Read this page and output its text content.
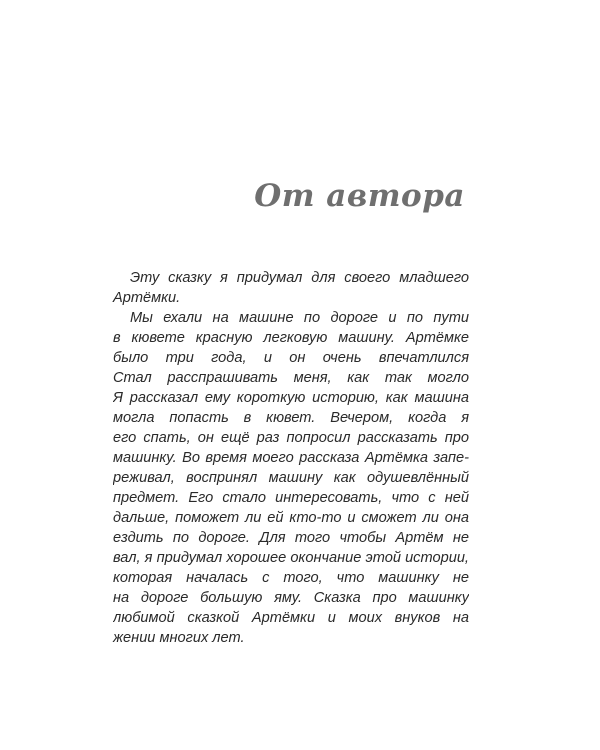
От автора

Эту сказку я придумал для своего младшего
Артёмки.

Мы ехали на машине по дороге и по пути
в кювете красную легковую машину. Артёмке
было три года, и он очень впечатлился
Стал расспрашивать меня, как так могло
Я рассказал ему короткую историю, как машина
могла попасть в кювет. Вечером, когда я
его спать, он ещё раз попросил рассказать про
машинку. Во время моего рассказа Артёмка запе-
реживал, воспринял машину как одушевлённый
предмет. Его стало интересовать, что с ней
дальше, поможет ли ей кто-то и сможет ли она
ездить по дороге. Для того чтобы Артём не
вал, я придумал хорошее окончание этой истории,
которая началась с того, что машинку не
на дороге большую яму. Сказка про машинку
любимой сказкой Артёмки и моих внуков на
жении многих лет.
